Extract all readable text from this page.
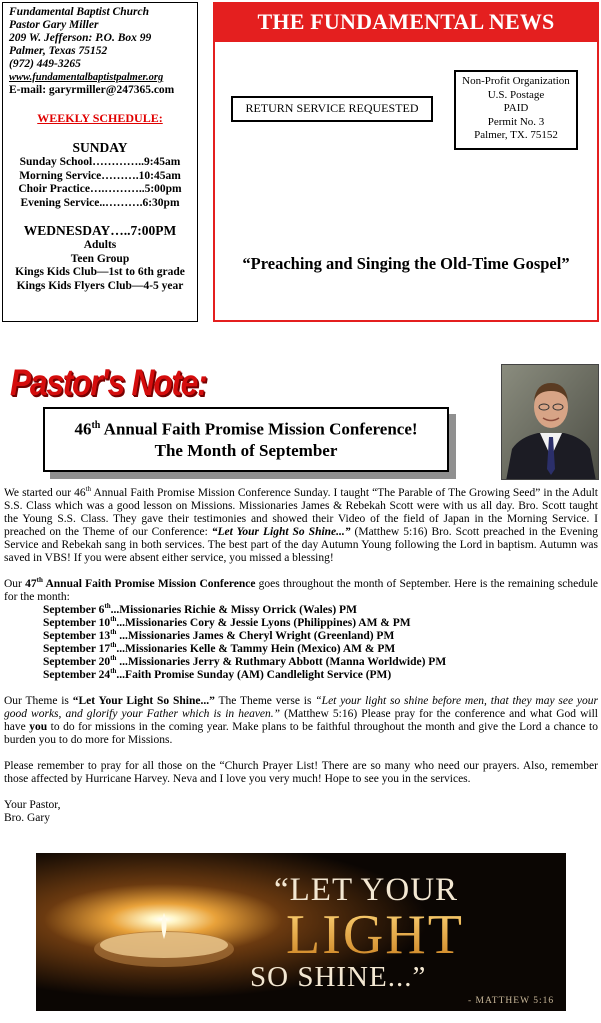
Fundamental Baptist Church
Pastor Gary Miller
209 W. Jefferson: P.O. Box 99
Palmer, Texas 75152
(972) 449-3265
www.fundamentalbaptistpalmer.org
E-mail: garyrmiller@247365.com
WEEKLY SCHEDULE:
SUNDAY
Sunday School…………..9:45am
Morning Service……….10:45am
Choir Practice….………..5:00pm
Evening Service..……….6:30pm
WEDNESDAY…..7:00PM
Adults
Teen Group
Kings Kids Club—1st to 6th grade
Kings Kids Flyers Club—4-5 year
THE FUNDAMENTAL NEWS
RETURN SERVICE REQUESTED
Non-Profit Organization
U.S. Postage
PAID
Permit No. 3
Palmer, TX. 75152
“Preaching and Singing the Old-Time Gospel”
Pastor's Note:
46th Annual Faith Promise Mission Conference!
The Month of September

We started our 46th Annual Faith Promise Mission Conference Sunday. I taught “The Parable of The Growing Seed” in the Adult S.S. Class which was a good lesson on Missions. Missionaries James & Rebekah Scott were with us all day. Bro. Scott taught the Young S.S. Class. They gave their testimonies and showed their Video of the field of Japan in the Morning Service. I preached on the Theme of our Conference: “Let Your Light So Shine...” (Matthew 5:16) Bro. Scott preached in the Evening Service and Rebekah sang in both services. The best part of the day Autumn Young following the Lord in baptism. Autumn was saved in VBS! If you were absent either service, you missed a blessing!

Our 47th Annual Faith Promise Mission Conference goes throughout the month of September. Here is the remaining schedule for the month:

September 6th...Missionaries Richie & Missy Orrick (Wales) PM
September 10th...Missionaries Cory & Jessie Lyons (Philippines) AM & PM
September 13th ...Missionaries James & Cheryl Wright (Greenland) PM
September 17th...Missionaries Kelle & Tammy Hein (Mexico) AM & PM
September 20th ...Missionaries Jerry & Ruthmary Abbott (Manna Worldwide) PM
September 24th...Faith Promise Sunday (AM) Candlelight Service (PM)

Our Theme is “Let Your Light So Shine...” The Theme verse is “Let your light so shine before men, that they may see your good works, and glorify your Father which is in heaven.” (Matthew 5:16) Please pray for the conference and what God will have you to do for missions in the coming year. Make plans to be faithful throughout the month and give the Lord a chance to burden you to do more for Missions.

Please remember to pray for all those on the “Church Prayer List! There are so many who need our prayers. Also, remember those affected by Hurricane Harvey. Neva and I love you very much! Hope to see you in the services.

Your Pastor,
Bro. Gary
“LET YOUR
LIGHT
SO SHINE...”
- MATTHEW 5:16
